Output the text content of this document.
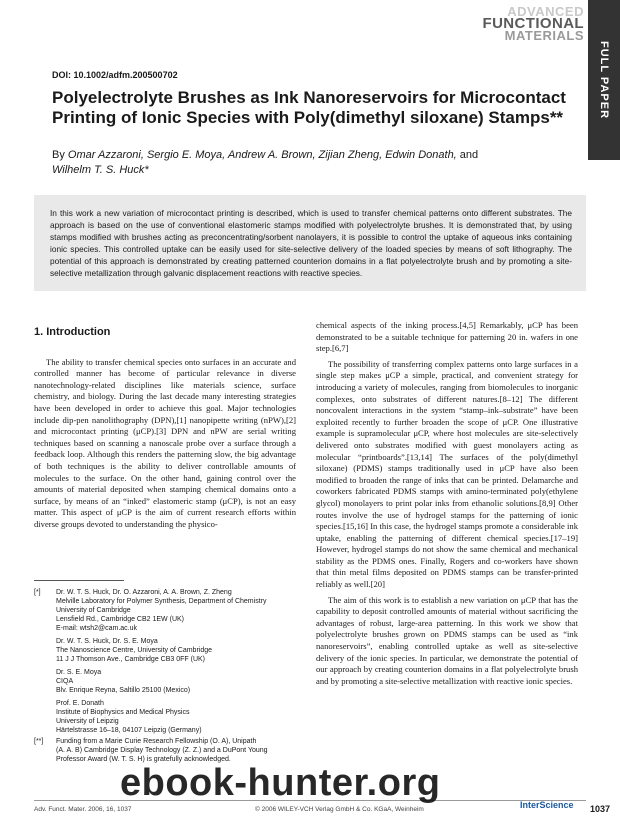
ADVANCED
FUNCTIONAL
MATERIALS
FULL PAPER
DOI: 10.1002/adfm.200500702
Polyelectrolyte Brushes as Ink Nanoreservoirs for Microcontact Printing of Ionic Species with Poly(dimethyl siloxane) Stamps**
By Omar Azzaroni, Sergio E. Moya, Andrew A. Brown, Zijian Zheng, Edwin Donath, and
Wilhelm T. S. Huck*
In this work a new variation of microcontact printing is described, which is used to transfer chemical patterns onto different substrates. The approach is based on the use of conventional elastomeric stamps modified with polyelectrolyte brushes. It is demonstrated that, by using stamps modified with brushes acting as preconcentrating/sorbent nanolayers, it is possible to control the uptake of aqueous inks containing ionic species. This controlled uptake can be easily used for site-selective delivery of the loaded species by means of soft lithography. The potential of this approach is demonstrated by creating patterned counterion domains in a flat polyelectrolyte brush and by promoting a site-selective metallization through galvanic displacement reactions with reactive species.
1. Introduction

The ability to transfer chemical species onto surfaces in an accurate and controlled manner has become of particular relevance in diverse nanotechnology-related disciplines like materials science, surface chemistry, and biology. During the last decade many interesting strategies have been developed in order to achieve this goal. Major technologies include dip-pen nanolithography (DPN),[1] nanopipette writing (nPW),[2] and microcontact printing (μCP).[3] DPN and nPW are serial writing techniques based on scanning a nanoscale probe over a surface through a feedback loop. Although this renders the patterning slow, the big advantage of both techniques is the ability to deliver controllable amounts of molecules to the surface. On the other hand, gaining control over the amounts of material deposited when stamping chemical domains onto a surface, by means of an “inked” elastomeric stamp (μCP), is not an easy matter. This aspect of μCP is the aim of current research efforts within diverse groups devoted to understanding the physico-

chemical aspects of the inking process.[4,5] Remarkably, μCP has been demonstrated to be a suitable technique for patterning 20 in. wafers in one step.[6,7]

The possibility of transferring complex patterns onto large surfaces in a single step makes μCP a simple, practical, and convenient strategy for introducing a variety of molecules, ranging from biomolecules to inorganic complexes, onto substrates of different natures.[8–12] The different noncovalent interactions in the system “stamp–ink–substrate” have been exploited recently to further broaden the scope of μCP. One illustrative example is supramolecular μCP, where host molecules are site-selectively delivered onto substrates modified with guest monolayers acting as molecular “printboards”.[13,14] The surfaces of the poly(dimethyl siloxane) (PDMS) stamps traditionally used in μCP have also been modified to broaden the range of inks that can be printed. Delamarche and coworkers fabricated PDMS stamps with amino-terminated poly(ethylene glycol) monolayers to print polar inks from ethanolic solutions.[8,9] Other routes involve the use of hydrogel stamps for the patterning of ionic species.[15,16] In this case, the hydrogel stamps promote a considerable ink uptake, enabling the patterning of different chemical species.[17–19] However, hydrogel stamps do not show the same chemical and mechanical stability as the PDMS ones. Finally, Rogers and co-workers have shown that thin metal films deposited on PDMS stamps can be transfer-printed reliably as well.[20]

The aim of this work is to establish a new variation on μCP that has the capability to deposit controlled amounts of material without sacrificing the advantages of robust, large-area patterning. In this work we show that polyelectrolyte brushes grown on PDMS stamps can be used as “ink nanoreservoirs”, enabling controlled uptake as well as site-selective delivery of the ionic species. In particular, we demonstrate the potential of our approach by creating counterion domains in a flat polyelectrolyte brush and by promoting a site-selective metallization with reactive ionic species.

[*]	Dr. W. T. S. Huck, Dr. O. Azzaroni, A. A. Brown, Z. Zheng
Melville Laboratory for Polymer Synthesis, Department of Chemistry
University of Cambridge
Lensfield Rd., Cambridge CB2 1EW (UK)
E-mail: wtsh2@cam.ac.uk
Dr. W. T. S. Huck, Dr. S. E. Moya
The Nanoscience Centre, University of Cambridge
11 J J Thomson Ave., Cambridge CB3 0FF (UK)
Dr. S. E. Moya
CIQA
Blv. Enrique Reyna, Saltillo 25100 (Mexico)
Prof. E. Donath
Institute of Biophysics and Medical Physics
University of Leipzig
Härtelstrasse 16–18, 04107 Leipzig (Germany)
[**]	Funding from a Marie Curie Research Fellowship (O. A), Unipath
(A. A. B) Cambridge Display Technology (Z. Z.) and a DuPont Young
Professor Award (W. T. S. H) is gratefully acknowledged.
Adv. Funct. Mater. 2006, 16, 1037	© 2006 WILEY-VCH Verlag GmbH & Co. KGaA, Weinheim	InterScience 1037
ebook-hunter.org
